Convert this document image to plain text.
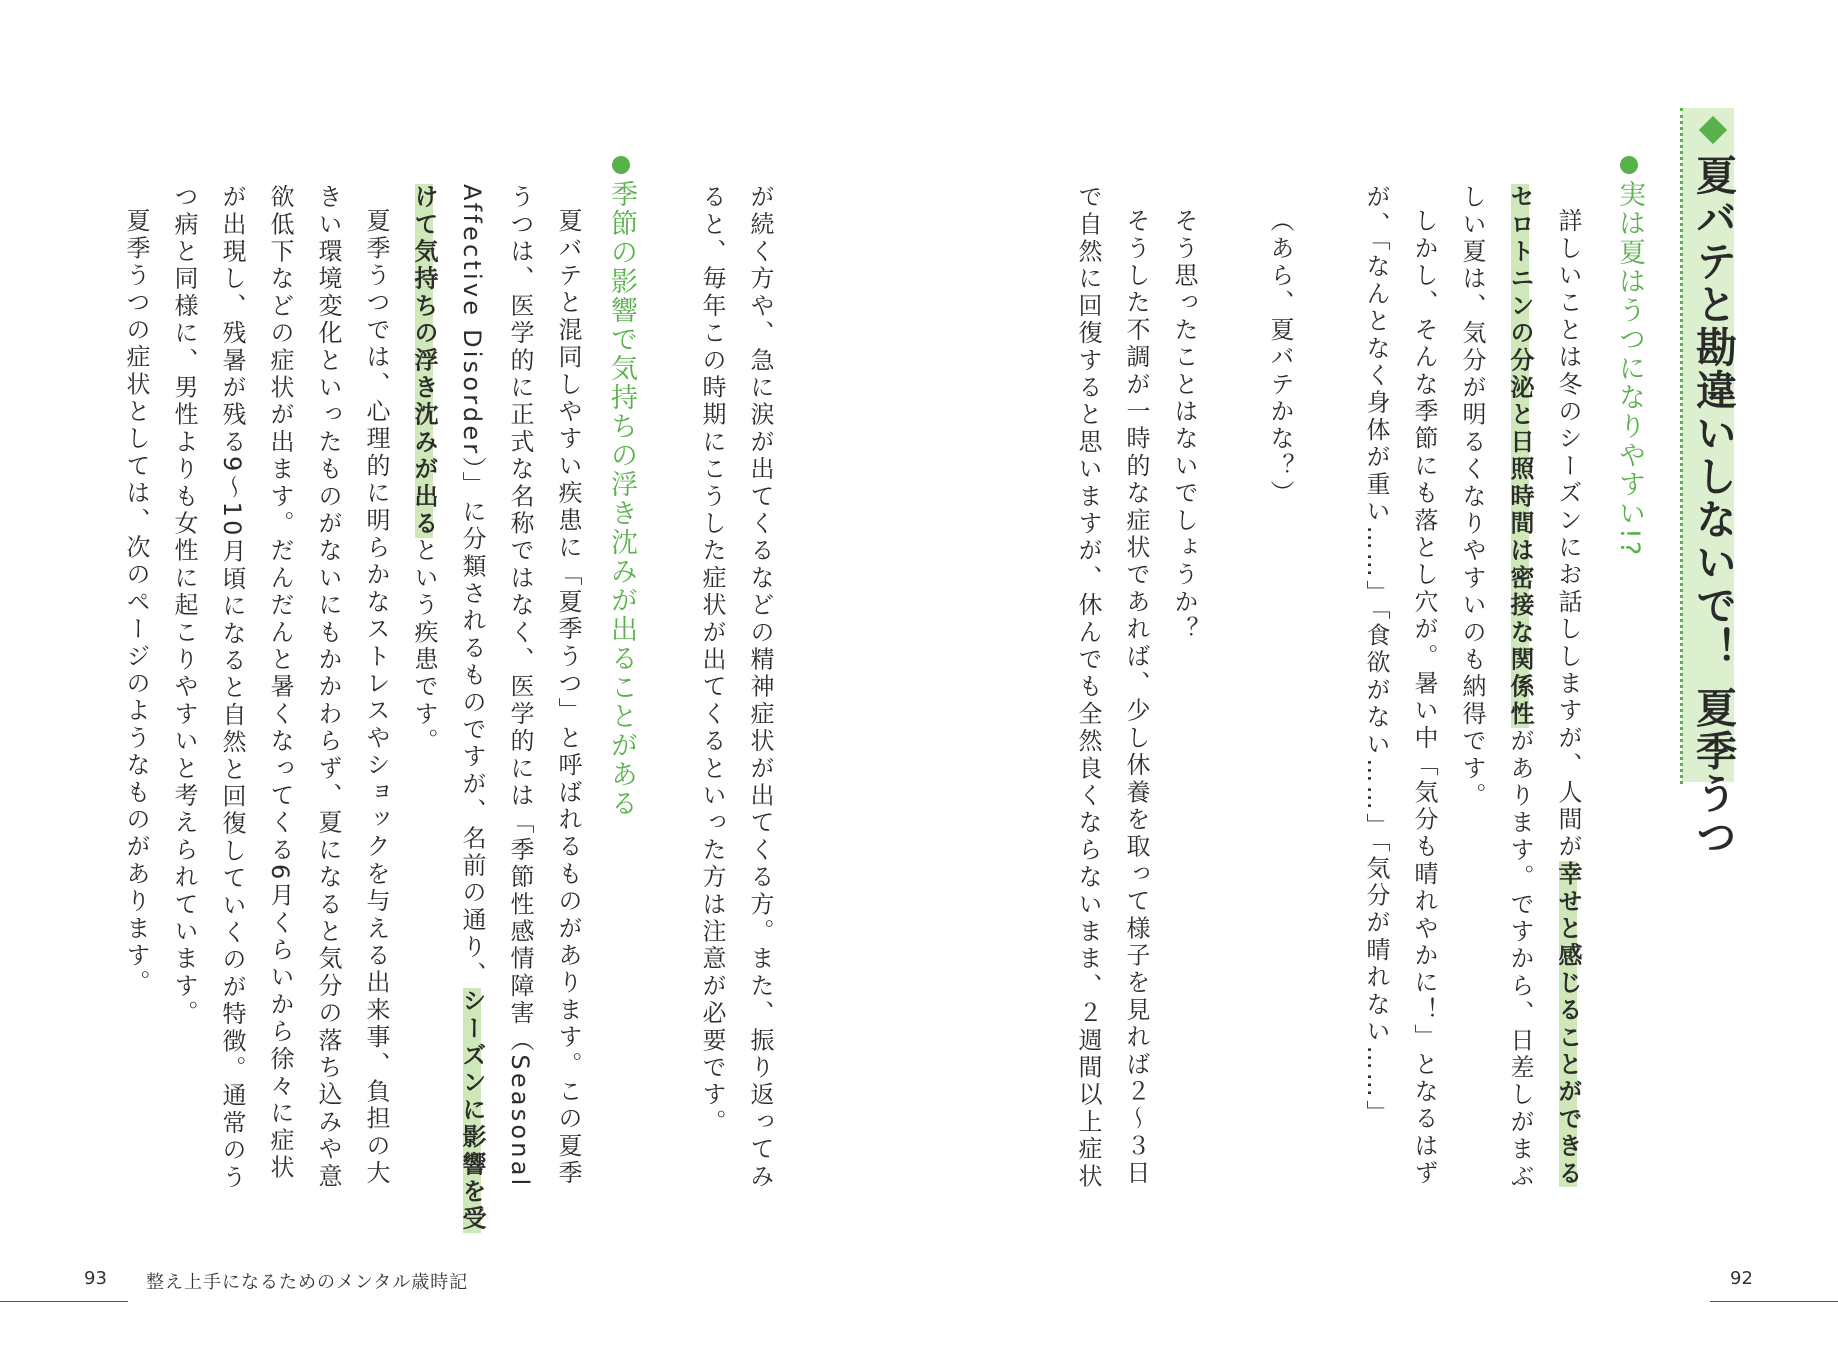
夏バテと勘違いしないで！ 夏季うつ
実は夏はうつになりやすい!?
詳しいことは冬のシーズンにお話ししますが、人間が幸せと感じることができる
セロトニンの分泌と日照時間は密接な関係性があります。ですから、日差しがまぶ
しい夏は、気分が明るくなりやすいのも納得です。
しかし、そんな季節にも落とし穴が。暑い中「気分も晴れやかに！」となるはず
が、「なんとなく身体が重い……」「食欲がない……」「気分が晴れない……」
（あら、夏バテかな？）
そう思ったことはないでしょうか？
そうした不調が一時的な症状であれば、少し休養を取って様子を見れば２〜３日
で自然に回復すると思いますが、休んでも全然良くならないまま、２週間以上症状
92
が続く方や、急に涙が出てくるなどの精神症状が出てくる方。また、振り返ってみ
ると、毎年この時期にこうした症状が出てくるといった方は注意が必要です。
季節の影響で気持ちの浮き沈みが出ることがある
夏バテと混同しやすい疾患に「夏季うつ」と呼ばれるものがあります。この夏季
うつは、医学的に正式な名称ではなく、医学的には「季節性感情障害（Seasonal
Affective Disorder）」に分類されるものですが、名前の通り、シーズンに影響を受
けて気持ちの浮き沈みが出るという疾患です。
夏季うつでは、心理的に明らかなストレスやショックを与える出来事、負担の大
きい環境変化といったものがないにもかかわらず、夏になると気分の落ち込みや意
欲低下などの症状が出ます。だんだんと暑くなってくる6月くらいから徐々に症状
が出現し、残暑が残る9〜10月頃になると自然と回復していくのが特徴。通常のう
つ病と同様に、男性よりも女性に起こりやすいと考えられています。
夏季うつの症状としては、次のページのようなものがあります。
93 整え上手になるためのメンタル歳時記
